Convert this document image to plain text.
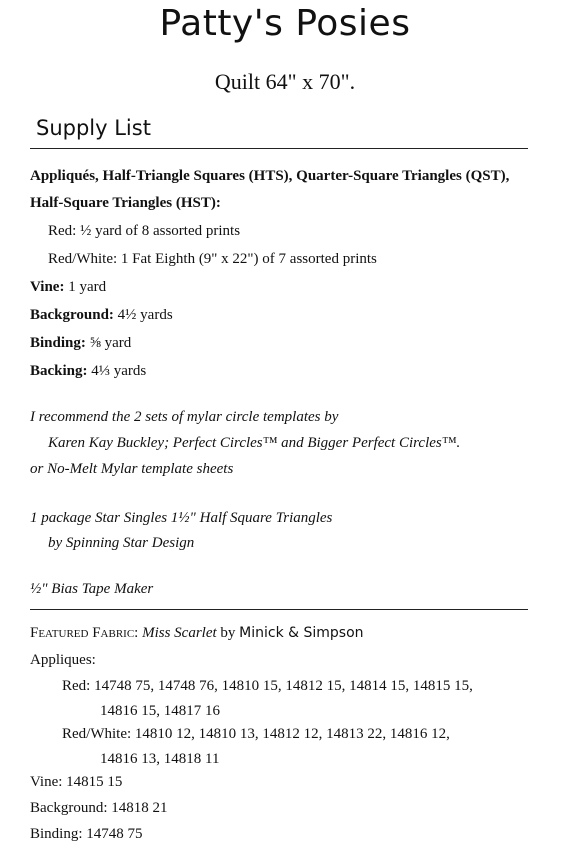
Patty's Posies
Quilt 64" x 70".
Supply List
Appliqués, Half-Triangle Squares (HTS), Quarter-Square Triangles (QST),
Half-Square Triangles (HST):
Red: ½ yard of 8 assorted prints
Red/White: 1 Fat Eighth (9" x 22") of 7 assorted prints
Vine: 1 yard
Background: 4½ yards
Binding: ⅝ yard
Backing: 4⅓ yards
I recommend the 2 sets of mylar circle templates by
Karen Kay Buckley; Perfect Circles™ and Bigger Perfect Circles™.
or No-Melt Mylar template sheets
1 package Star Singles 1½" Half Square Triangles
by Spinning Star Design
½" Bias Tape Maker
Featured Fabric: Miss Scarlet by Minick & Simpson
Appliques:
Red: 14748 75, 14748 76, 14810 15, 14812 15, 14814 15, 14815 15,
14816 15, 14817 16
Red/White: 14810 12, 14810 13, 14812 12, 14813 22, 14816 12,
14816 13, 14818 11
Vine: 14815 15
Background: 14818 21
Binding: 14748 75
